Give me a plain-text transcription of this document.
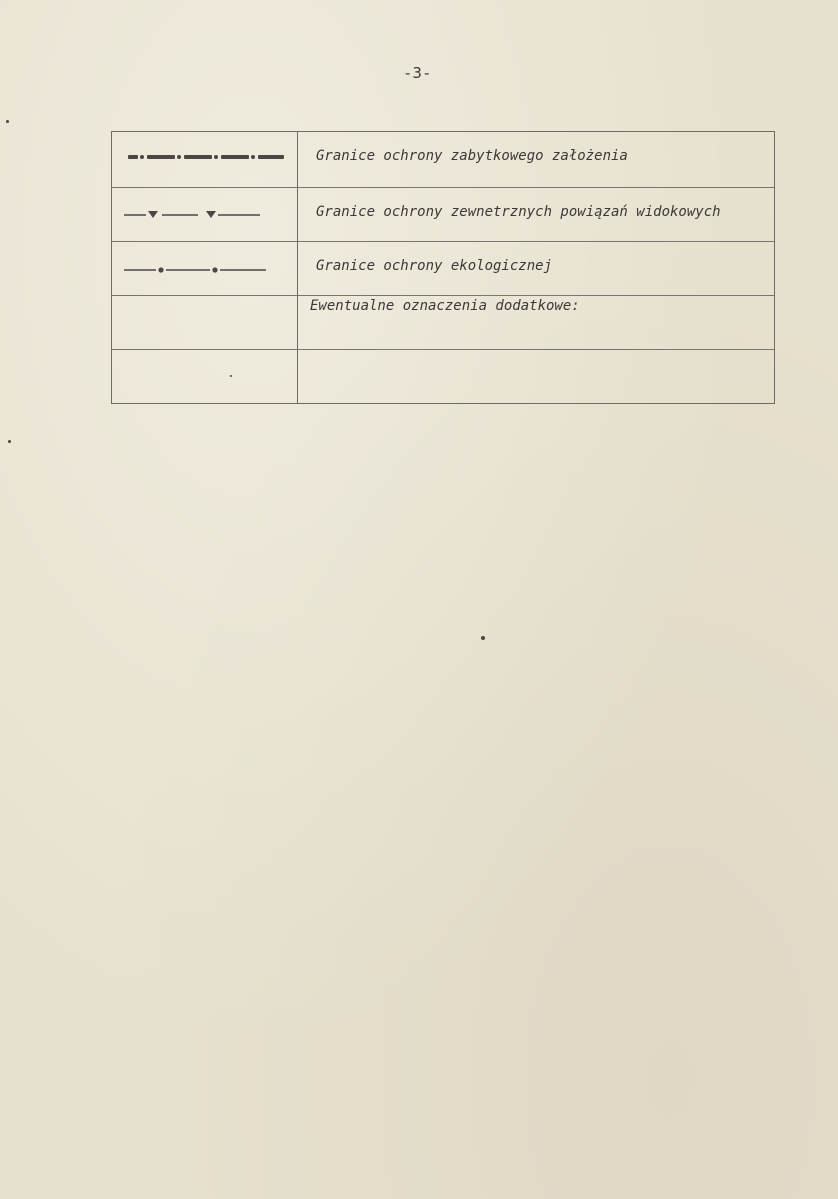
-3-
Granice ochrony zabytkowego założenia
Granice ochrony zewnetrznych powiązań widokowych
Granice ochrony ekologicznej
Ewentualne oznaczenia dodatkowe:
